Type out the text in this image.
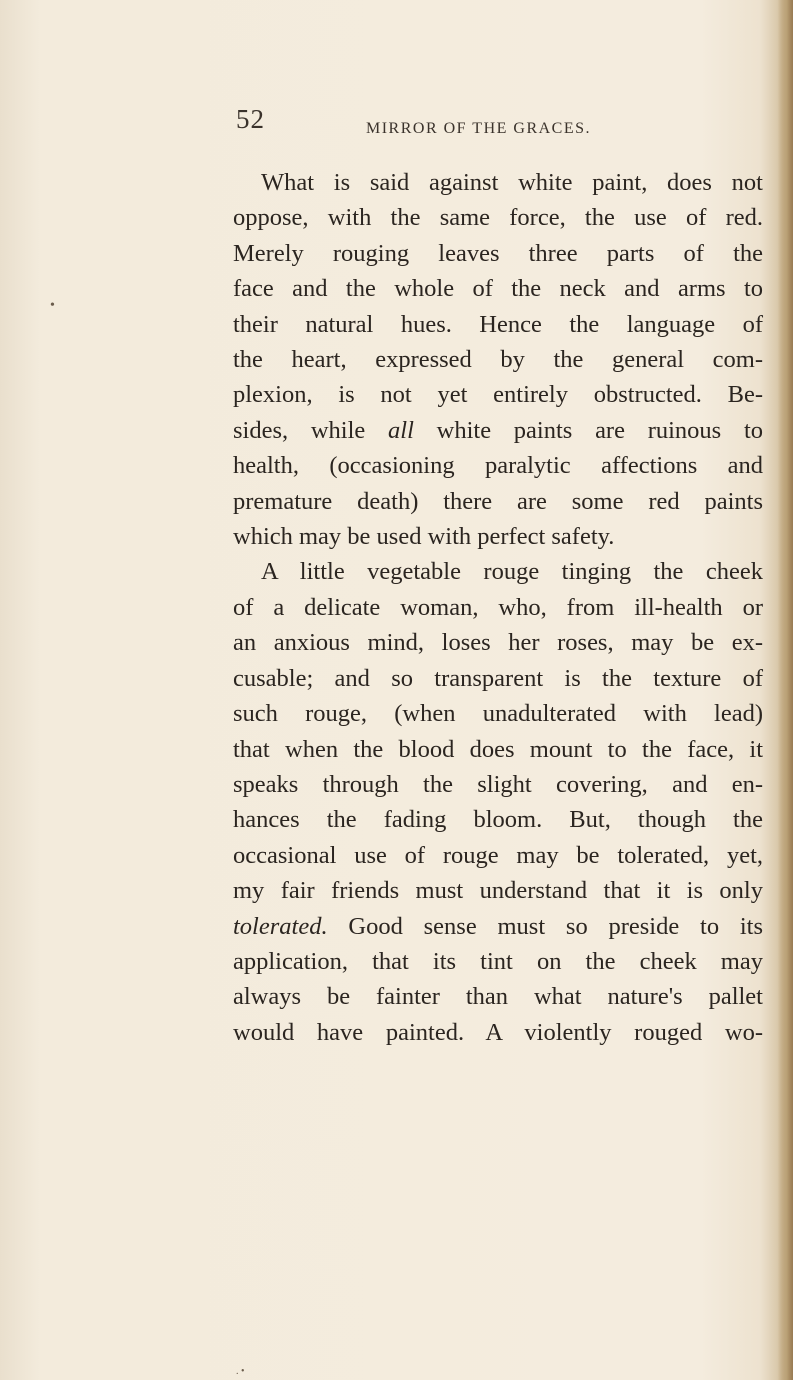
52	MIRROR OF THE GRACES.
•
What is said against white paint, does not
oppose, with the same force, the use of red.
Merely rouging leaves three parts of the
face and the whole of the neck and arms to
their natural hues. Hence the language of
the heart, expressed by the general com-
plexion, is not yet entirely obstructed. Be-
sides, while all white paints are ruinous to
health, (occasioning paralytic affections and
premature death) there are some red paints
which may be used with perfect safety.
A little vegetable rouge tinging the cheek
of a delicate woman, who, from ill-health or
an anxious mind, loses her roses, may be ex-
cusable; and so transparent is the texture of
such rouge, (when unadulterated with lead)
that when the blood does mount to the face, it
speaks through the slight covering, and en-
hances the fading bloom. But, though the
occasional use of rouge may be tolerated, yet,
my fair friends must understand that it is only
tolerated. Good sense must so preside to its
application, that its tint on the cheek may
always be fainter than what nature's pallet
would have painted. A violently rouged wo-
. •
